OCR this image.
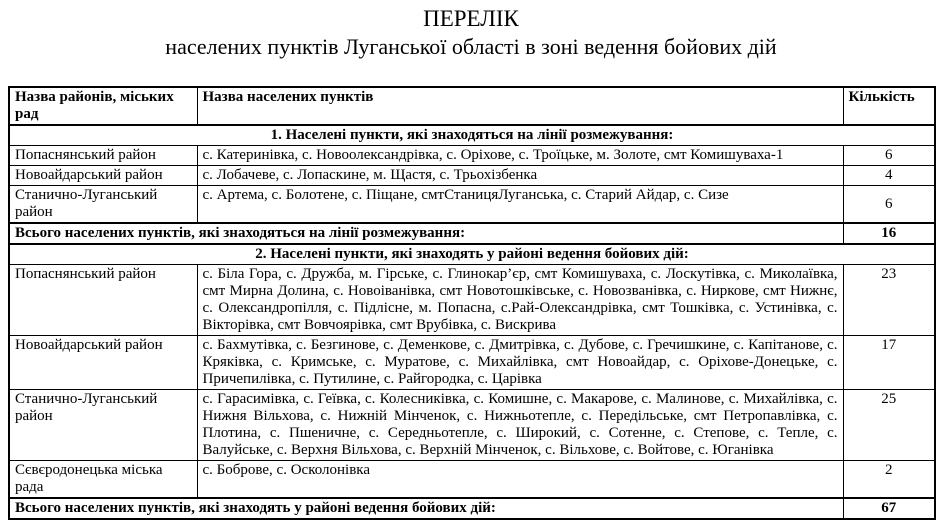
ПЕРЕЛІК
населених пунктів Луганської області в зоні ведення бойових дій
Назва районів, міських рад	Назва населених пунктів	Кількість
1. Населені пункти, які знаходяться на лінії розмежування:		
Попаснянський район	с. Катеринівка, с. Новоолександрівка, с. Оріхове, с. Троїцьке, м. Золоте, смт Комишуваха-1	6
Новоайдарський район	с. Лобачеве, с. Лопаскине, м. Щастя, с. Трьохізбенка	4
Станично-Луганський район	с. Артема, с. Болотене, с. Піщане, смтСтаницяЛуганська, с. Старий Айдар, с. Сизе	6
Всього населених пунктів, які знаходяться на лінії розмежування:		16
2. Населені пункти, які знаходять у районі ведення бойових дій:		
Попаснянський район	с. Біла Гора, с. Дружба, м. Гірське, с. Глинокар’єр, смт Комишуваха, с. Лоскутівка, с. Миколаївка, смт Мирна Долина, с. Новоіванівка, смт Новотошківське, с. Новозванівка, с. Ниркове, смт Нижнє, с. Олександропілля, с. Підлісне, м. Попасна, с.Рай-Олександрівка, смт Тошківка, с. Устинівка, с. Вікторівка, смт Вовчоярівка, смт Врубівка, с. Вискрива	23
Новоайдарський район	с. Бахмутівка, с. Безгинове, с. Деменкове, с. Дмитрівка, с. Дубове, с. Гречишкине, с. Капітанове, с. Кряківка, с. Кримське, с. Муратове, с. Михайлівка, смт Новоайдар, с. Оріхове-Донецьке, с. Причепилівка, с. Путилине, с. Райгородка, с. Царівка	17
Станично-Луганський район	с. Гарасимівка, с. Геївка, с. Колесниківка, с. Комишне, с. Макарове, с. Малинове, с. Михайлівка, с. Нижня Вільхова, с. Нижній Мінченок, с. Нижньотепле, с. Передільське, смт Петропавлівка, с. Плотина, с. Пшеничне, с. Середньотепле, с. Широкий, с. Сотенне, с. Степове, с. Тепле, с. Валуйське, с. Верхня Вільхова, с. Верхній Мінченок, с. Вільхове, с. Войтове, с. Юганівка	25
Сєвєродонецька міська рада	с. Боброве, с. Осколонівка	2
Всього населених пунктів, які знаходять у районі ведення бойових дій:		67
